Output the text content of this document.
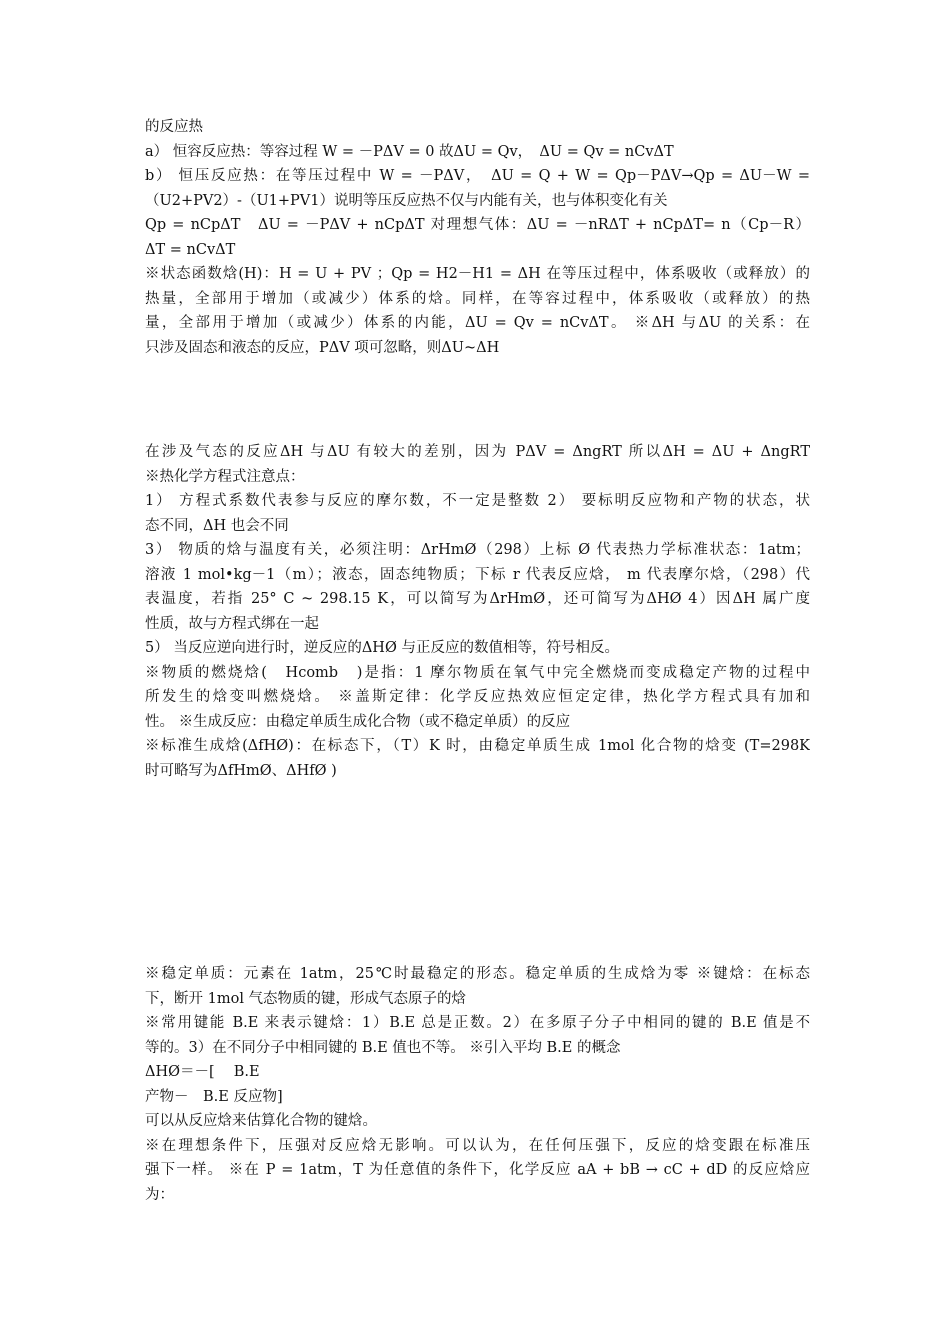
的反应热
a） 恒容反应热：等容过程 W = －PΔV = 0 故ΔU = Qv，　ΔU = Qv = nCvΔT
b） 恒压反应热：在等压过程中 W = －PΔV，　ΔU = Q + W = Qp－PΔV→Qp = ΔU－W =
（U2+PV2）-（U1+PV1）说明等压反应热不仅与内能有关，也与体积变化有关
Qp = nCpΔT　ΔU = －PΔV + nCpΔT 对理想气体：ΔU = －nRΔT + nCpΔT= n（Cp－R）
ΔT = nCvΔT
※状态函数焓(H)：H = U + PV ；Qp = H2－H1 = ΔH 在等压过程中，体系吸收（或释放）的
热量，全部用于增加（或减少）体系的焓。同样，在等容过程中，体系吸收（或释放）的热
量，全部用于增加（或减少）体系的内能，ΔU = Qv = nCvΔT。 ※ΔH 与ΔU 的关系：在
只涉及固态和液态的反应，PΔV 项可忽略，则ΔU~ΔH
在涉及气态的反应ΔH 与ΔU 有较大的差别，因为 PΔV = ΔngRT 所以ΔH = ΔU + ΔngRT
※热化学方程式注意点：
1） 方程式系数代表参与反应的摩尔数，不一定是整数 2） 要标明反应物和产物的状态，状
态不同，ΔH 也会不同
3） 物质的焓与温度有关，必须注明：ΔrHmØ（298）上标 Ø 代表热力学标准状态：1atm；
溶液 1 mol•kg－1（m）；液态，固态纯物质；下标 r 代表反应焓， m 代表摩尔焓，（298）代
表温度，若指 25° C ~ 298.15 K，可以简写为ΔrHmØ，还可简写为ΔHØ 4）因ΔH 属广度
性质，故与方程式绑在一起
5） 当反应逆向进行时，逆反应的ΔHØ 与正反应的数值相等，符号相反。
※物质的燃烧焓(　Hcomb　)是指：1 摩尔物质在氧气中完全燃烧而变成稳定产物的过程中
所发生的焓变叫燃烧焓。 ※盖斯定律：化学反应热效应恒定定律，热化学方程式具有加和
性。 ※生成反应：由稳定单质生成化合物（或不稳定单质）的反应
※标准生成焓(ΔfHØ)：在标态下，（T）K 时，由稳定单质生成 1mol 化合物的焓变 (T=298K
时可略写为ΔfHmØ、ΔHfØ )
※稳定单质：元素在 1atm，25℃时最稳定的形态。稳定单质的生成焓为零 ※键焓：在标态
下，断开 1mol 气态物质的键，形成气态原子的焓
※常用键能 B.E 来表示键焓：1）B.E 总是正数。2）在多原子分子中相同的键的 B.E 值是不
等的。3）在不同分子中相同键的 B.E 值也不等。 ※引入平均 B.E 的概念
ΔHØ＝－[　 B.E
产物－　B.E 反应物]
可以从反应焓来估算化合物的键焓。
※在理想条件下，压强对反应焓无影响。可以认为，在任何压强下，反应的焓变跟在标准压
强下一样。 ※在 P = 1atm，T 为任意值的条件下，化学反应 aA + bB → cC + dD 的反应焓应
为：
